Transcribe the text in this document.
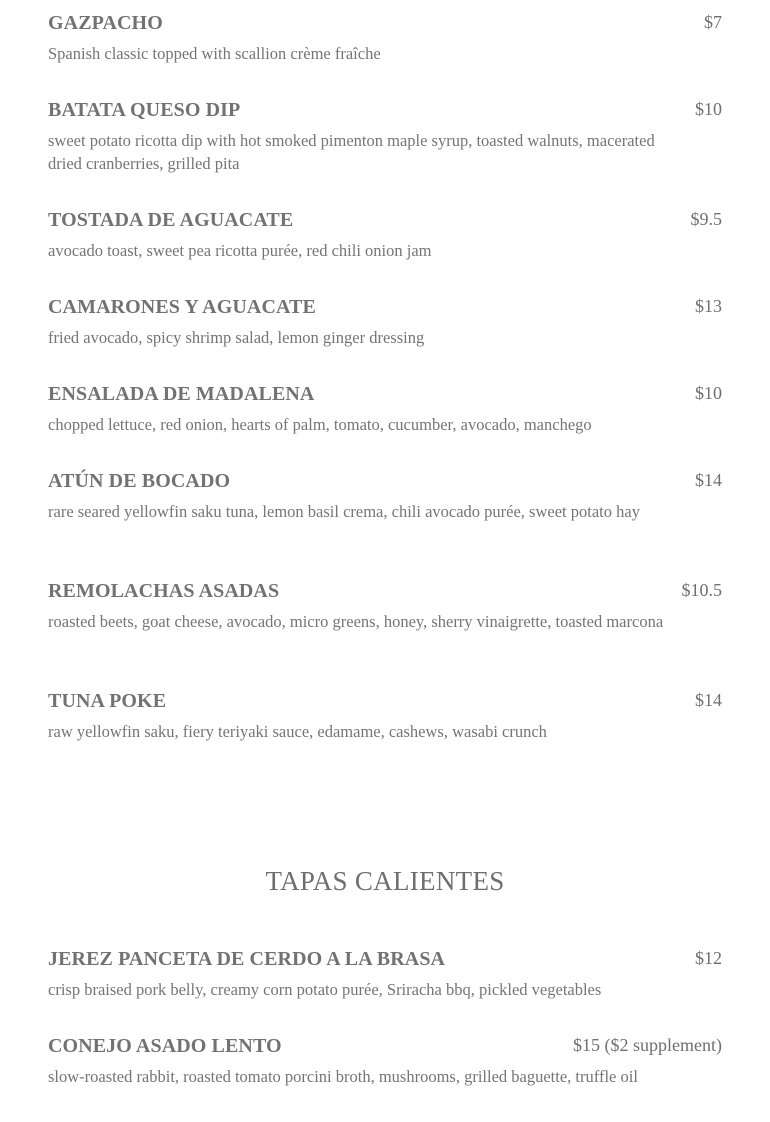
GAZPACHO	$7
Spanish classic topped with scallion crème fraîche
BATATA QUESO DIP	$10
sweet potato ricotta dip with hot smoked pimenton maple syrup, toasted walnuts, macerated dried cranberries, grilled pita
TOSTADA DE AGUACATE	$9.5
avocado toast, sweet pea ricotta purée, red chili onion jam
CAMARONES Y AGUACATE	$13
fried avocado, spicy shrimp salad, lemon ginger dressing
ENSALADA DE MADALENA	$10
chopped lettuce, red onion, hearts of palm, tomato, cucumber, avocado, manchego
ATÚN DE BOCADO	$14
rare seared yellowfin saku tuna, lemon basil crema, chili avocado purée, sweet potato hay
REMOLACHAS ASADAS	$10.5
roasted beets, goat cheese, avocado, micro greens, honey, sherry vinaigrette, toasted marcona
TUNA POKE	$14
raw yellowfin saku, fiery teriyaki sauce, edamame, cashews, wasabi crunch
TAPAS CALIENTES
JEREZ PANCETA DE CERDO A LA BRASA	$12
crisp braised pork belly, creamy corn potato purée, Sriracha bbq, pickled vegetables
CONEJO ASADO LENTO	$15 ($2 supplement)
slow-roasted rabbit, roasted tomato porcini broth, mushrooms, grilled baguette, truffle oil
